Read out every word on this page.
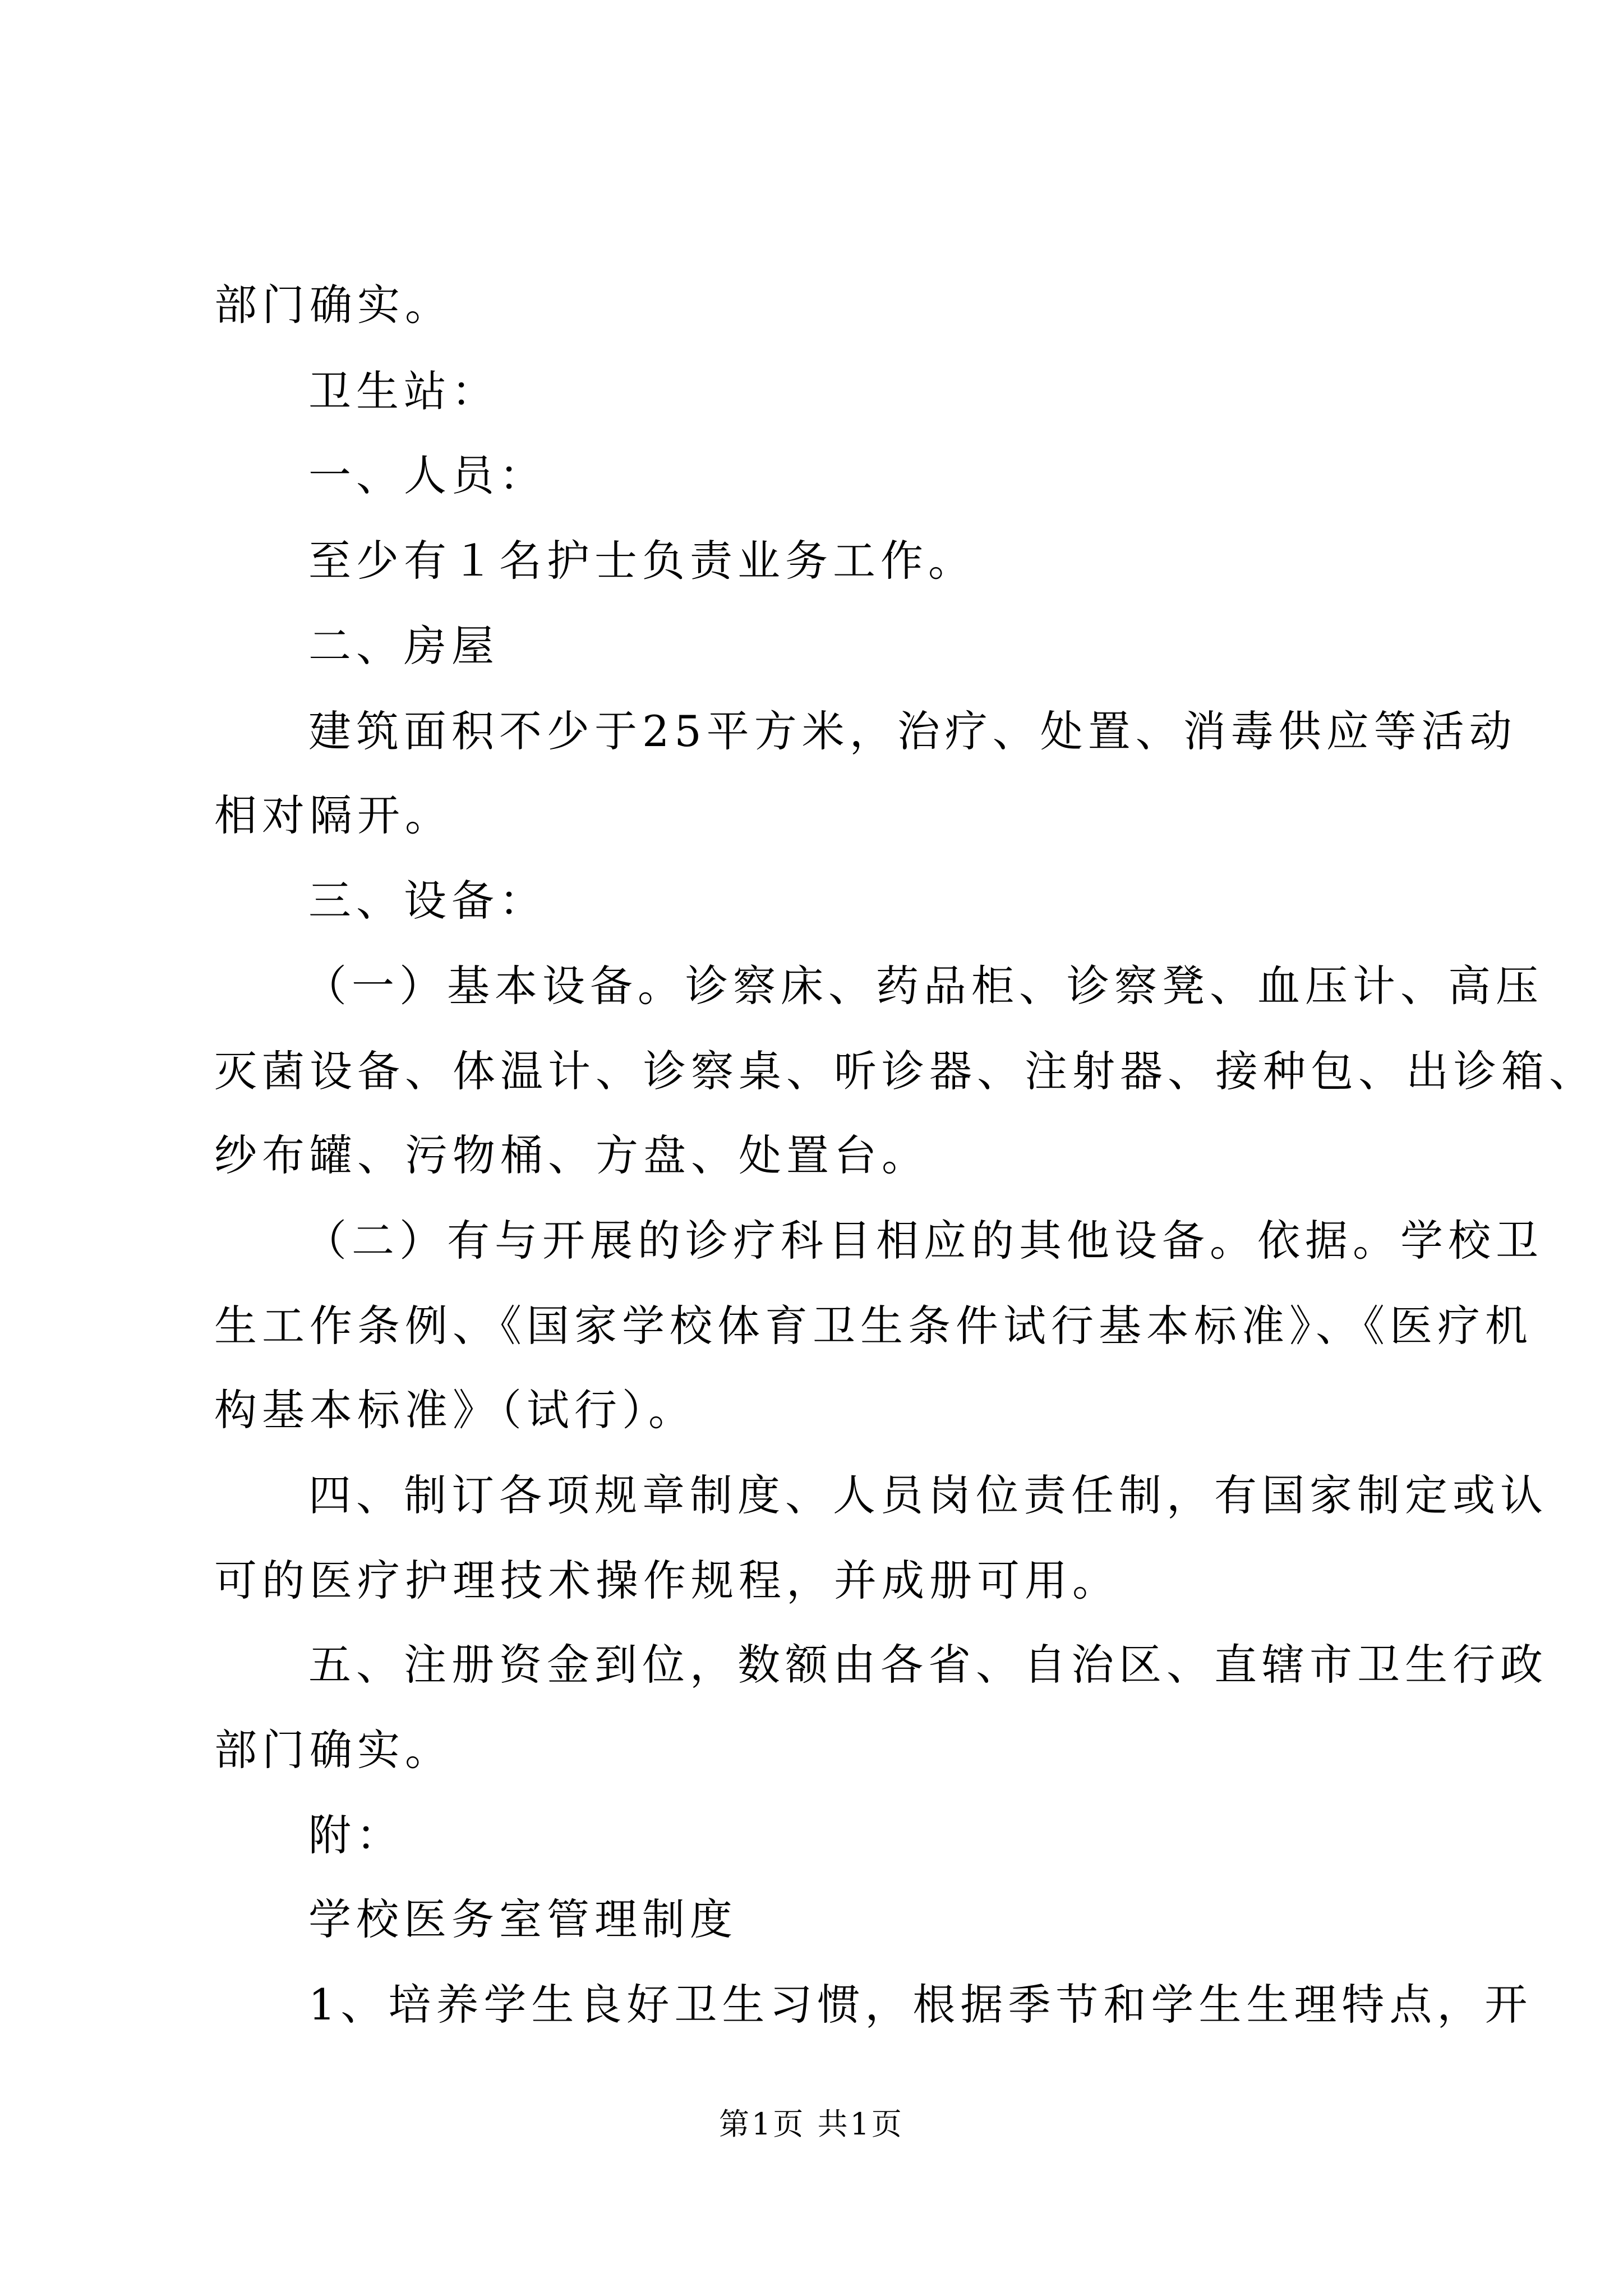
部门确实。
卫生站：
一、人员：
至少有１名护士负责业务工作。
二、房屋
建筑面积不少于25平方米，治疗、处置、消毒供应等活动
相对隔开。
三、设备：
（一）基本设备。诊察床、药品柜、诊察凳、血压计、高压
灭菌设备、体温计、诊察桌、听诊器、注射器、接种包、出诊箱、
纱布罐、污物桶、方盘、处置台。
（二）有与开展的诊疗科目相应的其他设备。依据。学校卫
生工作条例、《国家学校体育卫生条件试行基本标准》、《医疗机
构基本标准》（试行）。
四、制订各项规章制度、人员岗位责任制，有国家制定或认
可的医疗护理技术操作规程，并成册可用。
五、注册资金到位，数额由各省、自治区、直辖市卫生行政
部门确实。
附：
学校医务室管理制度
1、培养学生良好卫生习惯，根据季节和学生生理特点，开
第1页 共1页
